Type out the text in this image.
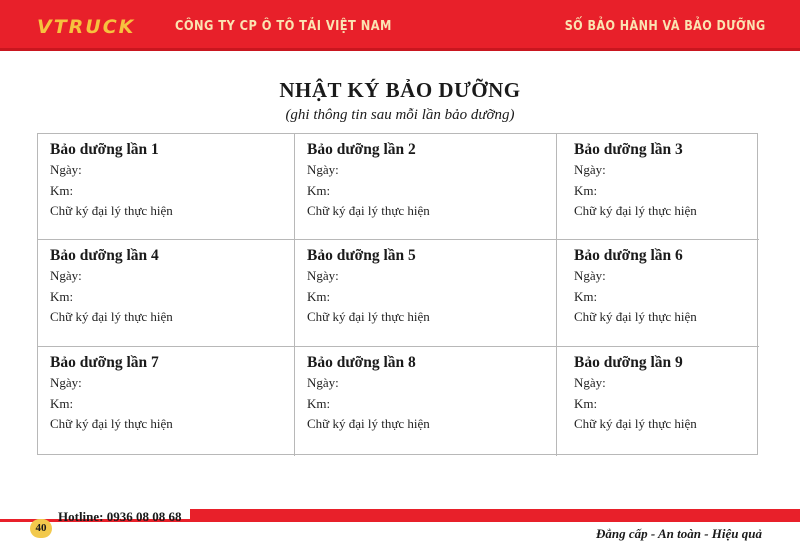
VTRUCK	CÔNG TY CP Ô TÔ TẢI VIỆT NAM	SỔ BẢO HÀNH VÀ BẢO DƯỠNG
NHẬT KÝ BẢO DƯỠNG
(ghi thông tin sau mỗi lần bảo dưỡng)
Bảo dưỡng lần 1
Ngày:
Km:
Chữ ký đại lý thực hiện
Bảo dưỡng lần 2
Ngày:
Km:
Chữ ký đại lý thực hiện
Bảo dưỡng lần 3
Ngày:
Km:
Chữ ký đại lý thực hiện
Bảo dưỡng lần 4
Ngày:
Km:
Chữ ký đại lý thực hiện
Bảo dưỡng lần 5
Ngày:
Km:
Chữ ký đại lý thực hiện
Bảo dưỡng lần 6
Ngày:
Km:
Chữ ký đại lý thực hiện
Bảo dưỡng lần 7
Ngày:
Km:
Chữ ký đại lý thực hiện
Bảo dưỡng lần 8
Ngày:
Km:
Chữ ký đại lý thực hiện
Bảo dưỡng lần 9
Ngày:
Km:
Chữ ký đại lý thực hiện
Hotline: 0936 08 08 68
40	Đẳng cấp - An toàn - Hiệu quả
